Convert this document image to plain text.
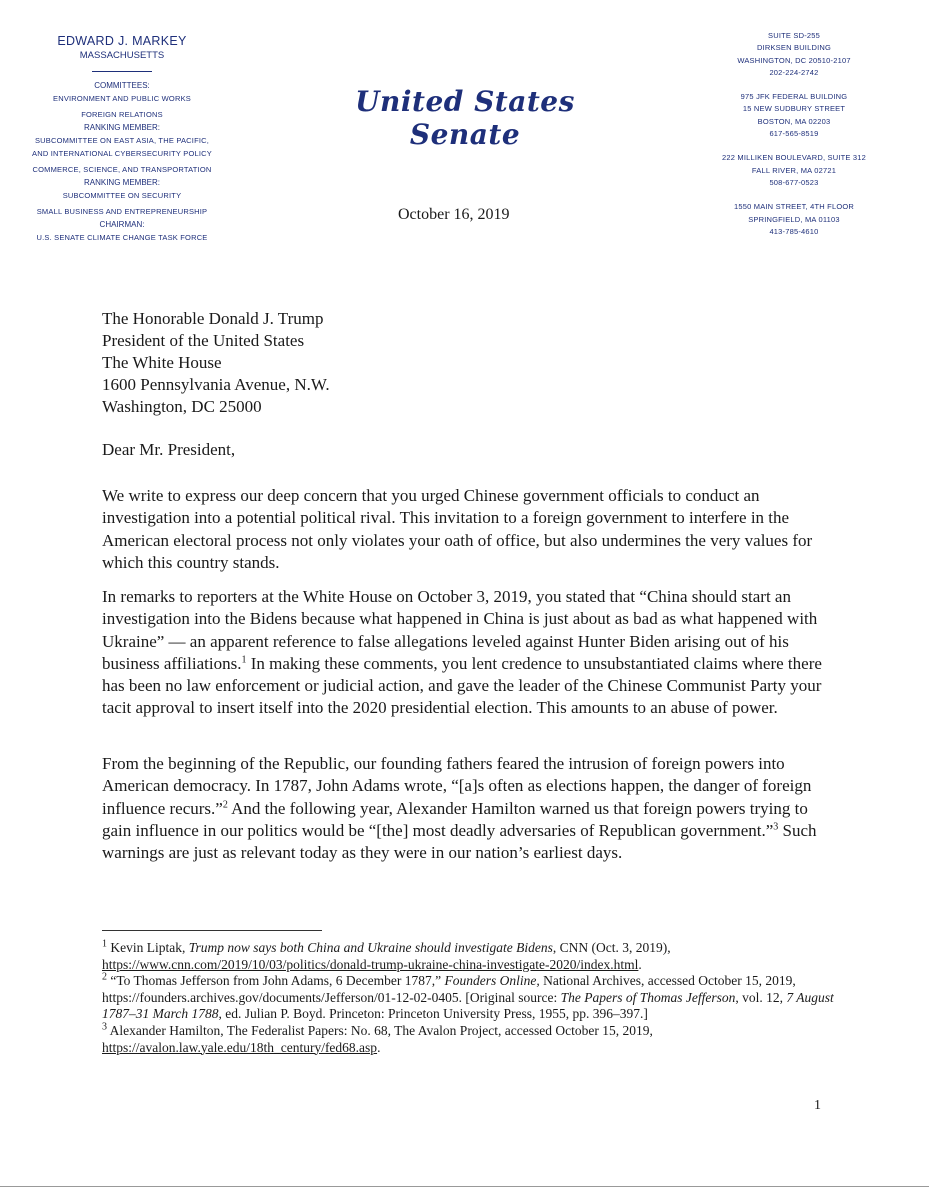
EDWARD J. MARKEY
MASSACHUSETTS
COMMITTEES:
ENVIRONMENT AND PUBLIC WORKS
FOREIGN RELATIONS
RANKING MEMBER:
SUBCOMMITTEE ON EAST ASIA, THE PACIFIC,
AND INTERNATIONAL CYBERSECURITY POLICY
COMMERCE, SCIENCE, AND TRANSPORTATION
RANKING MEMBER:
SUBCOMMITTEE ON SECURITY
SMALL BUSINESS AND ENTREPRENEURSHIP
CHAIRMAN:
U.S. SENATE CLIMATE CHANGE TASK FORCE
United States Senate
October 16, 2019
SUITE SD-255
DIRKSEN BUILDING
WASHINGTON, DC 20510-2107
202-224-2742
975 JFK FEDERAL BUILDING
15 NEW SUDBURY STREET
BOSTON, MA 02203
617-565-8519
222 MILLIKEN BOULEVARD, SUITE 312
FALL RIVER, MA 02721
508-677-0523
1550 MAIN STREET, 4TH FLOOR
SPRINGFIELD, MA 01103
413-785-4610
The Honorable Donald J. Trump
President of the United States
The White House
1600 Pennsylvania Avenue, N.W.
Washington, DC 25000
Dear Mr. President,

We write to express our deep concern that you urged Chinese government officials to conduct an investigation into a potential political rival. This invitation to a foreign government to interfere in the American electoral process not only violates your oath of office, but also undermines the very values for which this country stands.

In remarks to reporters at the White House on October 3, 2019, you stated that “China should start an investigation into the Bidens because what happened in China is just about as bad as what happened with Ukraine” — an apparent reference to false allegations leveled against Hunter Biden arising out of his business affiliations.$^1$ In making these comments, you lent credence to unsubstantiated claims where there has been no law enforcement or judicial action, and gave the leader of the Chinese Communist Party your tacit approval to insert itself into the 2020 presidential election. This amounts to an abuse of power.

From the beginning of the Republic, our founding fathers feared the intrusion of foreign powers into American democracy. In 1787, John Adams wrote, “[a]s often as elections happen, the danger of foreign influence recurs.”$^2$ And the following year, Alexander Hamilton warned us that foreign powers trying to gain influence in our politics would be “[the] most deadly adversaries of Republican government.”$^3$ Such warnings are just as relevant today as they were in our nation’s earliest days.

$^1$ Kevin Liptak, Trump now says both China and Ukraine should investigate Bidens, CNN (Oct. 3, 2019), https://www.cnn.com/2019/10/03/politics/donald-trump-ukraine-china-investigate-2020/index.html.

$^2$ “To Thomas Jefferson from John Adams, 6 December 1787,” Founders Online, National Archives, accessed October 15, 2019, https://founders.archives.gov/documents/Jefferson/01-12-02-0405. [Original source: The Papers of Thomas Jefferson, vol. 12, 7 August 1787–31 March 1788, ed. Julian P. Boyd. Princeton: Princeton University Press, 1955, pp. 396–397.]

$^3$ Alexander Hamilton, The Federalist Papers: No. 68, The Avalon Project, accessed October 15, 2019, https://avalon.law.yale.edu/18th_century/fed68.asp.

1
